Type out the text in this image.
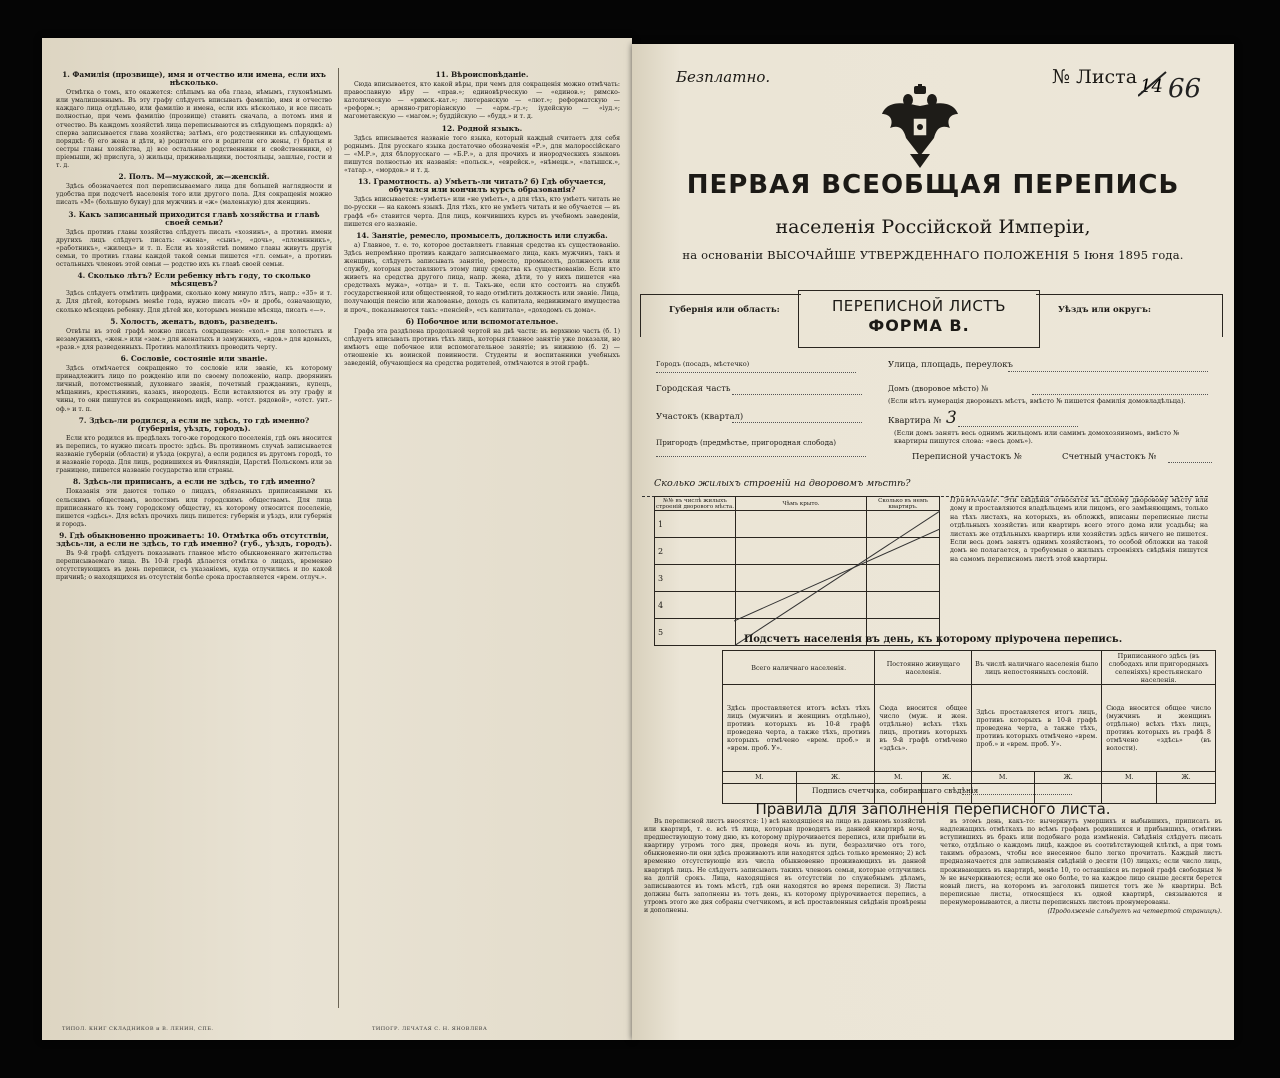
1. Фамилія (прозвище), имя и отчество или имена, если ихъ нѣсколько.

Отмѣтка о томъ, кто окажется: слѣпымъ на оба глаза, нѣмымъ, глухонѣмымъ или умалишеннымъ. Въ эту графу слѣдуетъ вписывать фамилію, имя и отчество каждаго лица отдѣльно, или фамилію и имена, если ихъ нѣсколько, и все писать полностью, при чемъ фамилію (прозвище) ставить сначала, а потомъ имя и отчество. Въ каждомъ хозяйствѣ лица переписываются въ слѣдующемъ порядкѣ: а) сперва записывается глава хозяйства; затѣмъ, его родственники въ слѣдующемъ порядкѣ: б) его жена и дѣти, в) родители его и родители его жены, г) братья и сестры главы хозяйства, д) все остальные родственники и свойственники, е) пріемыши, ж) прислуга, з) жильцы, приживальщики, постояльцы, зашлые, гости и т. д.

2. Полъ. М—мужской, ж—женскій.

Здѣсь обозначается пол переписываемаго лица для большей наглядности и удобства при подсчетѣ населенія того или другого пола. Для сокращенія можно писать «М» (большую букву) для мужчинъ и «ж» (маленькую) для женщинъ.

3. Какъ записанный приходится главѣ хозяйства и главѣ своей семьи?

Здѣсь противъ главы хозяйства слѣдуетъ писать «хозяинъ», а противъ имени другихъ лицъ слѣдуетъ писать: «жена», «сынъ», «дочь», «племянникъ», «работникъ», «жилецъ» и т. п. Если въ хозяйствѣ помимо главы живутъ другія семьи, то противъ главы каждой такой семьи пишется «гл. семьи», а противъ остальныхъ членовъ этой семьи — родство ихъ къ главѣ своей семьи.

4. Сколько лѣтъ? Если ребенку нѣтъ году, то сколько мѣсяцевъ?

Здѣсь слѣдуетъ отмѣтить цифрами, сколько кому минуло лѣтъ, напр.: «35» и т. д. Для дѣтей, которымъ менѣе года, нужно писать «0» и дробь, означающую, сколько мѣсяцевъ ребенку. Для дѣтей же, которымъ меньше мѣсяца, писать «—».

5. Холостъ, женатъ, вдовъ, разведенъ.

Отвѣты въ этой графѣ можно писать сокращенно: «хол.» для холостыхъ и незамужнихъ, «жен.» или «зам.» для женатыхъ и замужнихъ, «вдов.» для вдовыхъ, «разв.» для разведенныхъ. Противъ малолѣтнихъ проводить черту.

6. Сословіе, состояніе или званіе.

Здѣсь отмѣчается сокращенно то сословіе или званіе, къ которому принадлежитъ лицо по рожденію или по своему положенію, напр. дворянинъ личный, потомственный, духовнаго званія, почетный гражданинъ, купецъ, мѣщанинъ, крестьянинъ, казакъ, инородецъ. Если вставляются въ эту графу и чины, то они пишутся въ сокращенномъ видѣ, напр. «отст. рядовой», «отст. унт.-оф.» и т. п.

7. Здѣсь-ли родился, а если не здѣсь, то гдѣ именно? (губернія, уѣздъ, городъ).

Если кто родился въ предѣлахъ того-же городского поселенія, гдѣ онъ вносится въ перепись, то нужно писать просто: здѣсь. Въ противномъ случаѣ записывается названіе губерніи (области) и уѣзда (округа), а если родился въ другомъ городѣ, то и названіе города. Для лицъ, родившихся въ Финляндіи, Царствѣ Польскомъ или за границею, пишется названіе государства или страны.

8. Здѣсь-ли приписанъ, а если не здѣсь, то гдѣ именно?

Показанія эти даются только о лицахъ, обязанныхъ приписанными къ сельскимъ обществамъ, волостямъ или городскимъ обществамъ. Для лица приписаннаго къ тому городскому обществу, къ которому относится поселеніе, пишется «здѣсь». Для всѣхъ прочихъ лицъ пишется: губернія и уѣздъ, или губернія и городъ.

9. Гдѣ обыкновенно проживаетъ: 10. Отмѣтка объ отсутствіи, здѣсь-ли, а если не здѣсь, то гдѣ именно? (губ., уѣздъ, городъ).

Въ 9-й графѣ слѣдуетъ показывать главное мѣсто обыкновеннаго жительства переписываемаго лица. Въ 10-й графѣ дѣлается отмѣтка о лицахъ, временно отсутствующихъ въ день переписи, съ указаніемъ, куда отлучились и по какой причинѣ; о находящихся въ отсутствіи болѣе срока проставляется «врем. отлуч.».

11. Вѣроисповѣданіе.

Сюда вписывается, кто какой вѣры, при чемъ для сокращенія можно отмѣчать: православную вѣру — «прав.»; единовѣрческую — «единов.»; римско-католическую — «римск.-кат.»; лютеранскую — «лют.»; реформатскую — «реформ.»; армяно-григоріанскую — «арм.-гр.»; іудейскую — «іуд.»; магометанскую — «магом.»; буддійскую — «будд.» и т. д.

12. Родной языкъ.

Здѣсь вписывается названіе того языка, который каждый считаетъ для себя роднымъ. Для русскаго языка достаточно обозначенія «Р.», для малороссійскаго — «М.Р.», для бѣлорусскаго — «Б.Р.», а для прочихъ и инородческихъ языковъ пишутся полностью их названія: «польск.», «еврейск.», «нѣмецк.», «латышск.», «татар.», «мордов.» и т. д.

13. Грамотность. а) Умѣетъ-ли читать? б) Гдѣ обучается, обучался или кончилъ курсъ образованія?

Здѣсь вписывается: «умѣетъ» или «не умѣетъ», а для тѣхъ, кто умѣетъ читать не по-русски — на какомъ языкѣ. Для тѣхъ, кто не умѣетъ читать и не обучается — въ графѣ «б» ставится черта. Для лицъ, кончившихъ курсъ въ учебномъ заведеніи, пишется его названіе.

14. Занятіе, ремесло, промыселъ, должность или служба.

а) Главное, т. е. то, которое доставляетъ главныя средства къ существованію. Здѣсь непремѣнно противъ каждаго записываемаго лица, какъ мужчинъ, такъ и женщинъ, слѣдуетъ записывать занятіе, ремесло, промыселъ, должность или службу, которыя доставляютъ этому лицу средства къ существованію. Если кто живетъ на средства другого лица, напр. жена, дѣти, то у нихъ пишется «на средствахъ мужа», «отца» и т. п. Такъ-же, если кто состоитъ на службѣ государственной или общественной, то надо отмѣтить должность или званіе. Лица, получающія пенсію или жалованье, доходъ съ капитала, недвижимаго имущества и проч., показываются такъ: «пенсіей», «съ капитала», «доходомъ съ дома».

б) Побочное или вспомогательное.

Графа эта раздѣлена продольной чертой на двѣ части: въ верхнюю часть (б. 1) слѣдуетъ вписывать противъ тѣхъ лицъ, которыя главное занятіе уже показали, но имѣютъ еще побочное или вспомогательное занятіе; въ нижнюю (б. 2) — отношеніе къ воинской повинности. Студенты и воспитанники учебныхъ заведеній, обучающіеся на средства родителей, отмѣчаются в этой графѣ.

ТИПОЛ. КНИГ СКЛАДНИКОВ и В. ЛЕНИН, СПБ.	ТИПОГР. ЛЕЧАТАЯ С. Н. ЯНОВЛЕВА
Безплатно.	№ Листа 14 66
ПЕРВАЯ ВСЕОБЩАЯ ПЕРЕПИСЬ
населенія Россійской Имперіи,
на основаніи ВЫСОЧАЙШЕ УТВЕРЖДЕННАГО ПОЛОЖЕНІЯ 5 Іюня 1895 года.
Губернія или область:	ПЕРЕПИСНОЙ ЛИСТЪ
ФОРМА В.
Уѣздъ или округъ:
Городъ (посадъ, мѣстечко)	Улица, площадь, переулокъ
Городская часть	Домъ (дворовое мѣсто) №
(Если нѣтъ нумерація дворовыхъ мѣстъ, вмѣсто № пишется фамилія домовладѣльца).
Участокъ (квартал)	Квартира № 3
(Если домъ занятъ весь однимъ жильцомъ или самимъ домохозяиномъ, вмѣсто № квартиры пишутся слова: «весь домъ»).
Пригородъ (предмѣстье, пригородная слобода)
Переписной участокъ №	Счетный участокъ №
Сколько жилыхъ строеній на дворовомъ мѣстѣ?
№№ въ числѣ жилыхъ строеній дворового мѣста.	Чѣмъ крыто.	Сколько въ немъ квартиръ.
1		
2		
3		
4		
5		
Примѣчаніе. Эти свѣдѣнія относятся къ цѣлому дворовому мѣсту или дому и проставляются владѣльцемъ или лицомъ, его замѣняющимъ, только на тѣхъ листахъ, на которыхъ, въ обложкѣ, вписаны переписные листы отдѣльныхъ хозяйствъ или квартиръ всего этого дома или усадьбы; на листахъ же отдѣльныхъ квартиръ или хозяйствъ здѣсь ничего не пишется. Если весь домъ занятъ однимъ хозяйствомъ, то особой обложки на такой домъ не полагается, а требуемыя о жилыхъ строеніяхъ свѣдѣнія пишутся на самомъ переписномъ листѣ этой квартиры.
Подсчетъ населенія въ день, къ которому пріурочена перепись.
Всего наличнаго населенія.		Постоянно живущаго населенія.		Въ числѣ наличнаго населенія было лицъ непостоянныхъ сословій.		Приписанного здѣсь (въ слободахъ или пригородныхъ селеніяхъ) крестьянскаго населенія.	
Здѣсь проставляется итогъ всѣхъ тѣхъ лицъ (мужчинъ и женщинъ отдѣльно), противъ которыхъ въ 10-й графѣ проведена черта, а также тѣхъ, противъ которыхъ отмѣчено «врем. проб.» и «врем. проб. У».		Сюда вносится общее число (муж. и жен. отдѣльно) всѣхъ тѣхъ лицъ, противъ которыхъ въ 9-й графѣ отмѣчено «здѣсь».		Здѣсь проставляется итогъ лицъ, противъ которыхъ в 10-й графѣ проведена черта, а также тѣхъ, противъ которыхъ отмѣчено «врем. проб.» и «врем. проб. У».		Сюда вносится общее число (мужчинъ и женщинъ отдѣльно) всѣхъ тѣхъ лицъ, противъ которыхъ въ графѣ 8 отмѣчено «здѣсь» (въ волости).	
М.	Ж.	М.	Ж.	М.	Ж.	М.	Ж.

Подпись счетчика, собиравшаго свѣдѣнія
Правила для заполненія переписного листа.

Въ переписной листъ вносятся: 1) всѣ находящіеся на лицо въ данномъ хозяйствѣ или квартирѣ, т. е. всѣ тѣ лица, которыя проводятъ въ данной квартирѣ ночь, предшествующую тому дню, къ которому пріурочивается перепись, или прибыли въ квартиру утромъ того дня, проведя ночь въ пути, безразлично отъ того, обыкновенно-ли они здѣсь проживаютъ или находятся здѣсь только временно; 2) всѣ временно отсутствующіе изъ числа обыкновенно проживающихъ въ данной квартирѣ лицъ. Не слѣдуетъ записывать такихъ членовъ семьи, которые отлучились на долгій срокъ. Лица, находящіяся въ отсутствіи по служебнымъ дѣламъ, записываются въ томъ мѣстѣ, гдѣ они находятся во время переписи. 3) Листы должны быть заполнены въ тотъ день, къ которому пріурочивается перепись, а утромъ этого же дня собраны счетчикомъ, и всѣ проставленныя свѣдѣнія провѣрены и дополнены.

въ этомъ день, какъ-то: вычеркнуть умершихъ и выбывшихъ, приписать въ надлежащихъ отмѣткахъ по всѣмъ графамъ родившихся и прибывшихъ, отмѣтивъ вступившихъ въ бракъ или подобнаго рода измѣненія. Свѣдѣнія слѣдуетъ писать четко, отдѣльно о каждомъ лицѣ, каждое въ соотвѣтствующей клѣткѣ, а при томъ такимъ образомъ, чтобы все внесенное было легко прочитать. Каждый листъ предназначается для записыванія свѣдѣній о десяти (10) лицахъ; если число лицъ, проживающихъ въ квартирѣ, менѣе 10, то оставшіяся въ первой графѣ свободныя №№ не вычеркиваются; если же оно болѣе, то на каждое лицо свыше десяти берется новый листъ, на которомъ въ заголовкѣ пишется тотъ же № квартиры. Всѣ переписные листы, относящіеся къ одной квартирѣ, связываются и перенумеровываются, а листы переписныхъ листовъ пронумерованы.

(Продолженіе слѣдуетъ на четвертой страницѣ).
